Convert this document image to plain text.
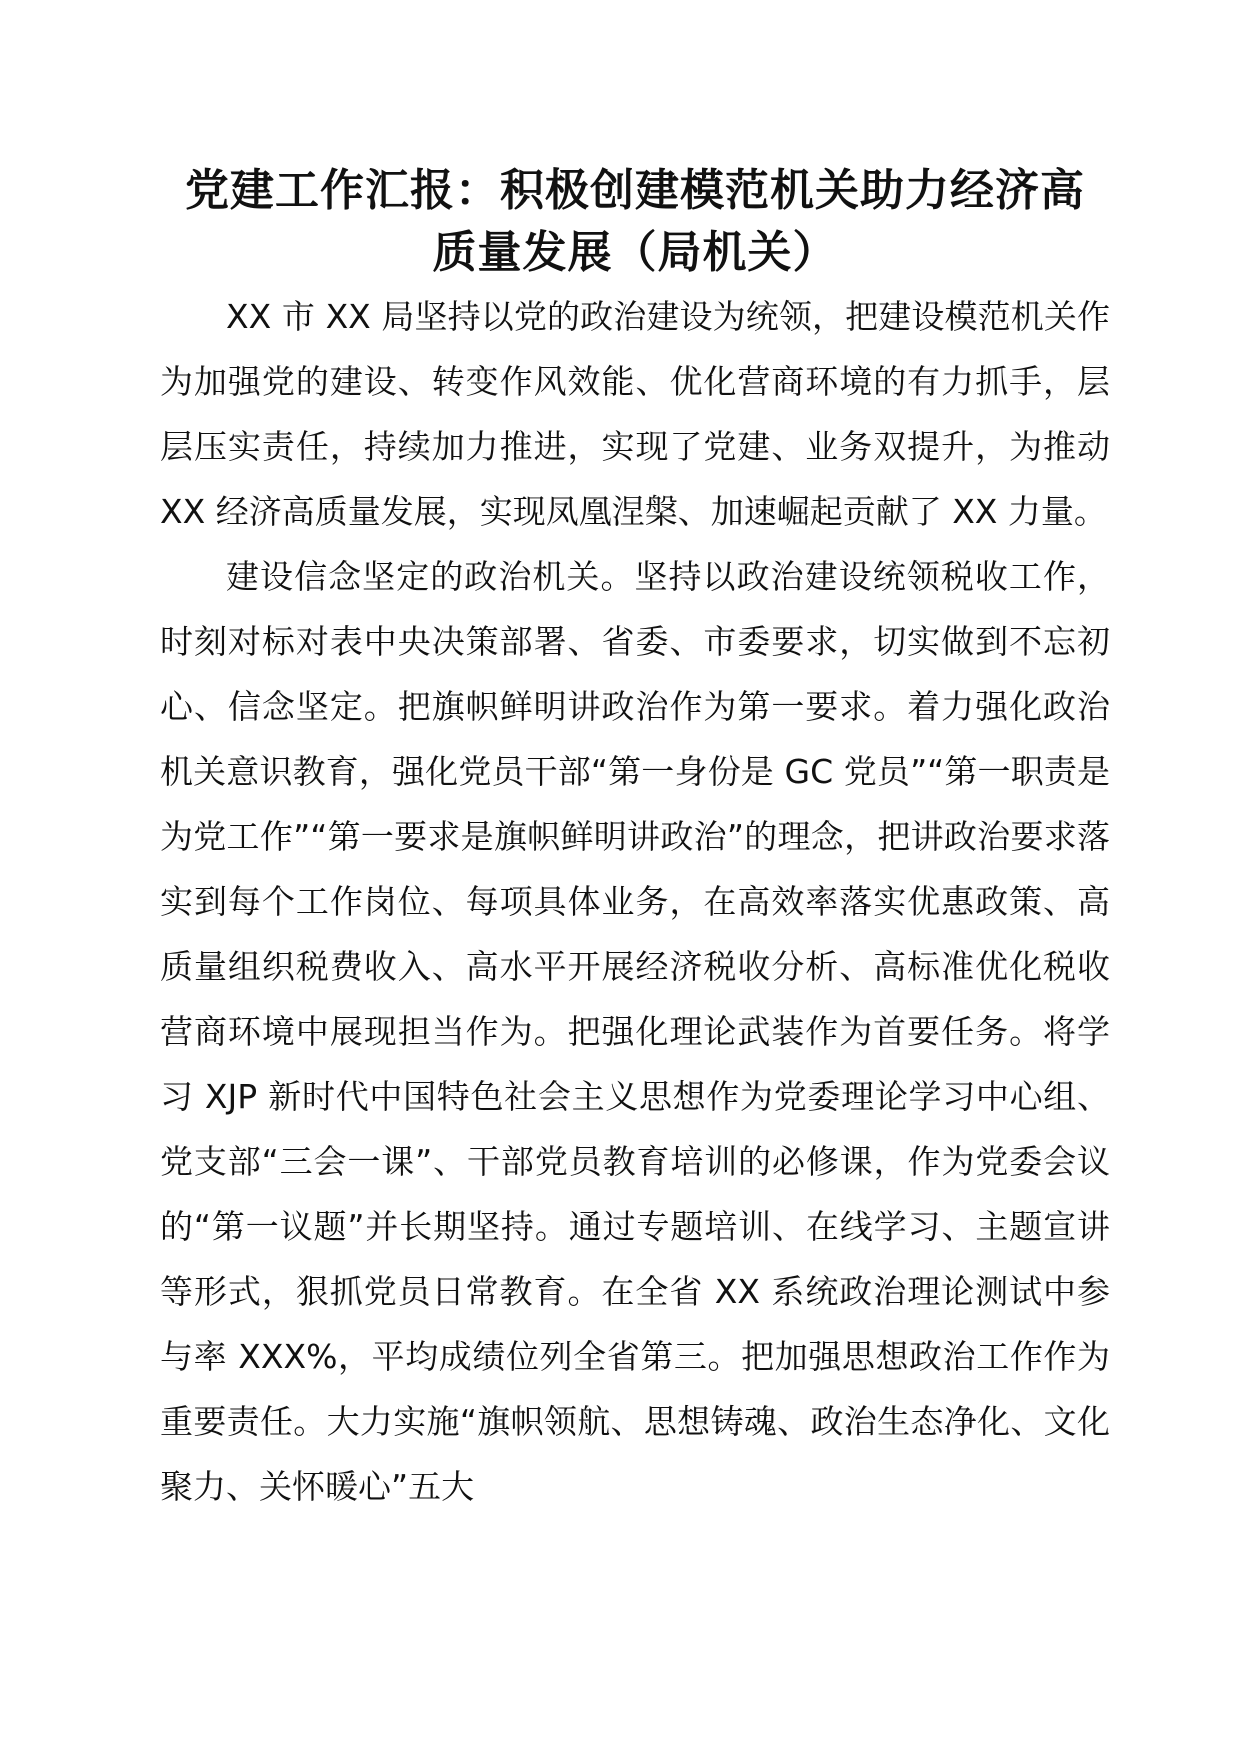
党建工作汇报：积极创建模范机关助力经济高
质量发展（局机关）

XX 市 XX 局坚持以党的政治建设为统领，把建设模范机关作为加强党的建设、转变作风效能、优化营商环境的有力抓手，层层压实责任，持续加力推进，实现了党建、业务双提升，为推动 XX 经济高质量发展，实现凤凰涅槃、加速崛起贡献了 XX 力量。

建设信念坚定的政治机关。坚持以政治建设统领税收工作，时刻对标对表中央决策部署、省委、市委要求，切实做到不忘初心、信念坚定。把旗帜鲜明讲政治作为第一要求。着力强化政治机关意识教育，强化党员干部“第一身份是 GC 党员”“第一职责是为党工作”“第一要求是旗帜鲜明讲政治”的理念，把讲政治要求落实到每个工作岗位、每项具体业务，在高效率落实优惠政策、高质量组织税费收入、高水平开展经济税收分析、高标准优化税收营商环境中展现担当作为。把强化理论武装作为首要任务。将学习 XJP 新时代中国特色社会主义思想作为党委理论学习中心组、党支部“三会一课”、干部党员教育培训的必修课，作为党委会议的“第一议题”并长期坚持。通过专题培训、在线学习、主题宣讲等形式，狠抓党员日常教育。在全省 XX 系统政治理论测试中参与率 XXX%，平均成绩位列全省第三。把加强思想政治工作作为重要责任。大力实施“旗帜领航、思想铸魂、政治生态净化、文化聚力、关怀暖心”五大
